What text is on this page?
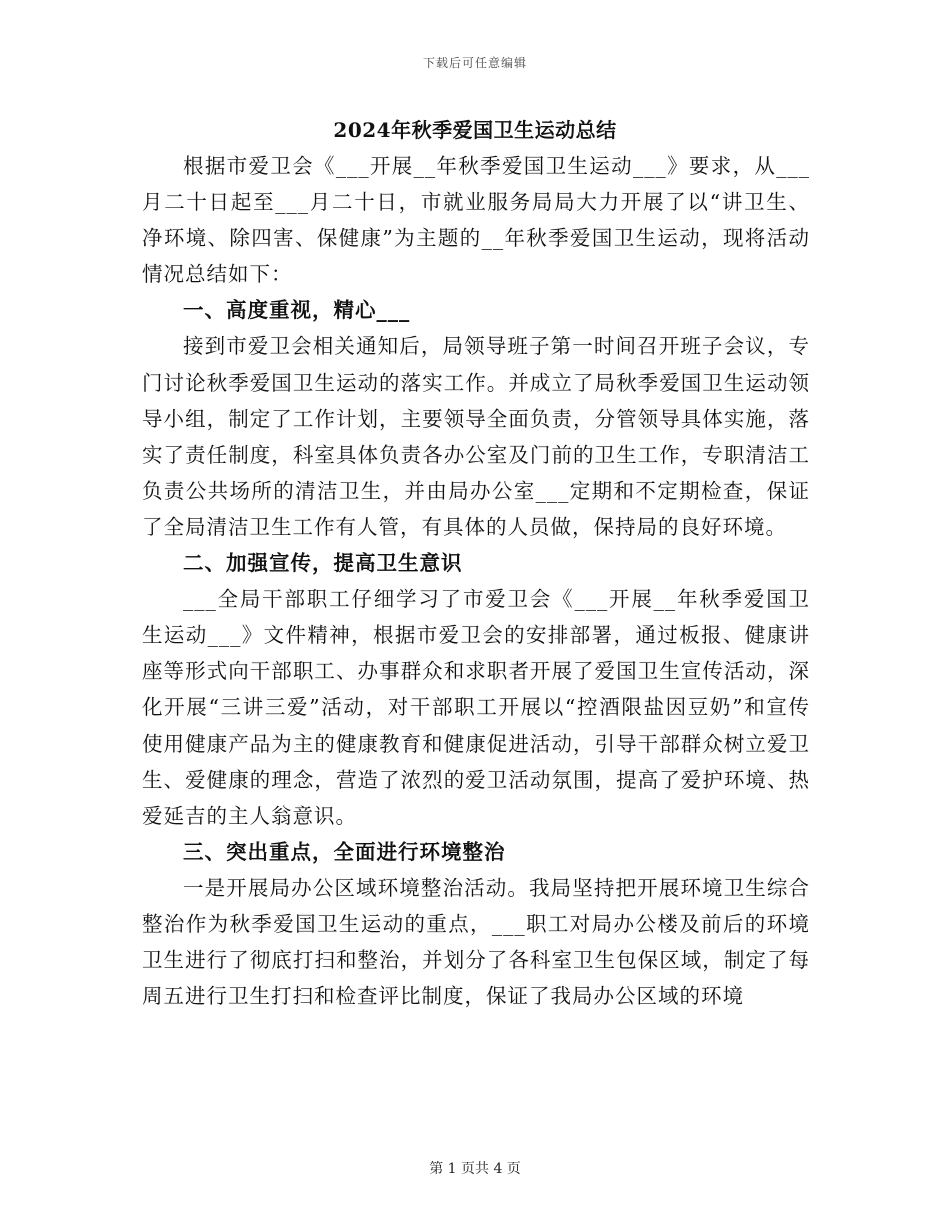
下载后可任意编辑
2024年秋季爱国卫生运动总结

根据市爱卫会《___开展__年秋季爱国卫生运动___》要求，从___月二十日起至___月二十日，市就业服务局局大力开展了以“讲卫生、净环境、除四害、保健康”为主题的__年秋季爱国卫生运动，现将活动情况总结如下：

一、高度重视，精心___

接到市爱卫会相关通知后，局领导班子第一时间召开班子会议，专门讨论秋季爱国卫生运动的落实工作。并成立了局秋季爱国卫生运动领导小组，制定了工作计划，主要领导全面负责，分管领导具体实施，落实了责任制度，科室具体负责各办公室及门前的卫生工作，专职清洁工负责公共场所的清洁卫生，并由局办公室___定期和不定期检查，保证了全局清洁卫生工作有人管，有具体的人员做，保持局的良好环境。

二、加强宣传，提高卫生意识

___全局干部职工仔细学习了市爱卫会《___开展__年秋季爱国卫生运动___》文件精神，根据市爱卫会的安排部署，通过板报、健康讲座等形式向干部职工、办事群众和求职者开展了爱国卫生宣传活动，深化开展“三讲三爱”活动，对干部职工开展以“控酒限盐因豆奶”和宣传使用健康产品为主的健康教育和健康促进活动，引导干部群众树立爱卫生、爱健康的理念，营造了浓烈的爱卫活动氛围，提高了爱护环境、热爱延吉的主人翁意识。

三、突出重点，全面进行环境整治

一是开展局办公区域环境整治活动。我局坚持把开展环境卫生综合整治作为秋季爱国卫生运动的重点，___职工对局办公楼及前后的环境卫生进行了彻底打扫和整治，并划分了各科室卫生包保区域，制定了每周五进行卫生打扫和检查评比制度，保证了我局办公区域的环境

第 1 页共 4 页
